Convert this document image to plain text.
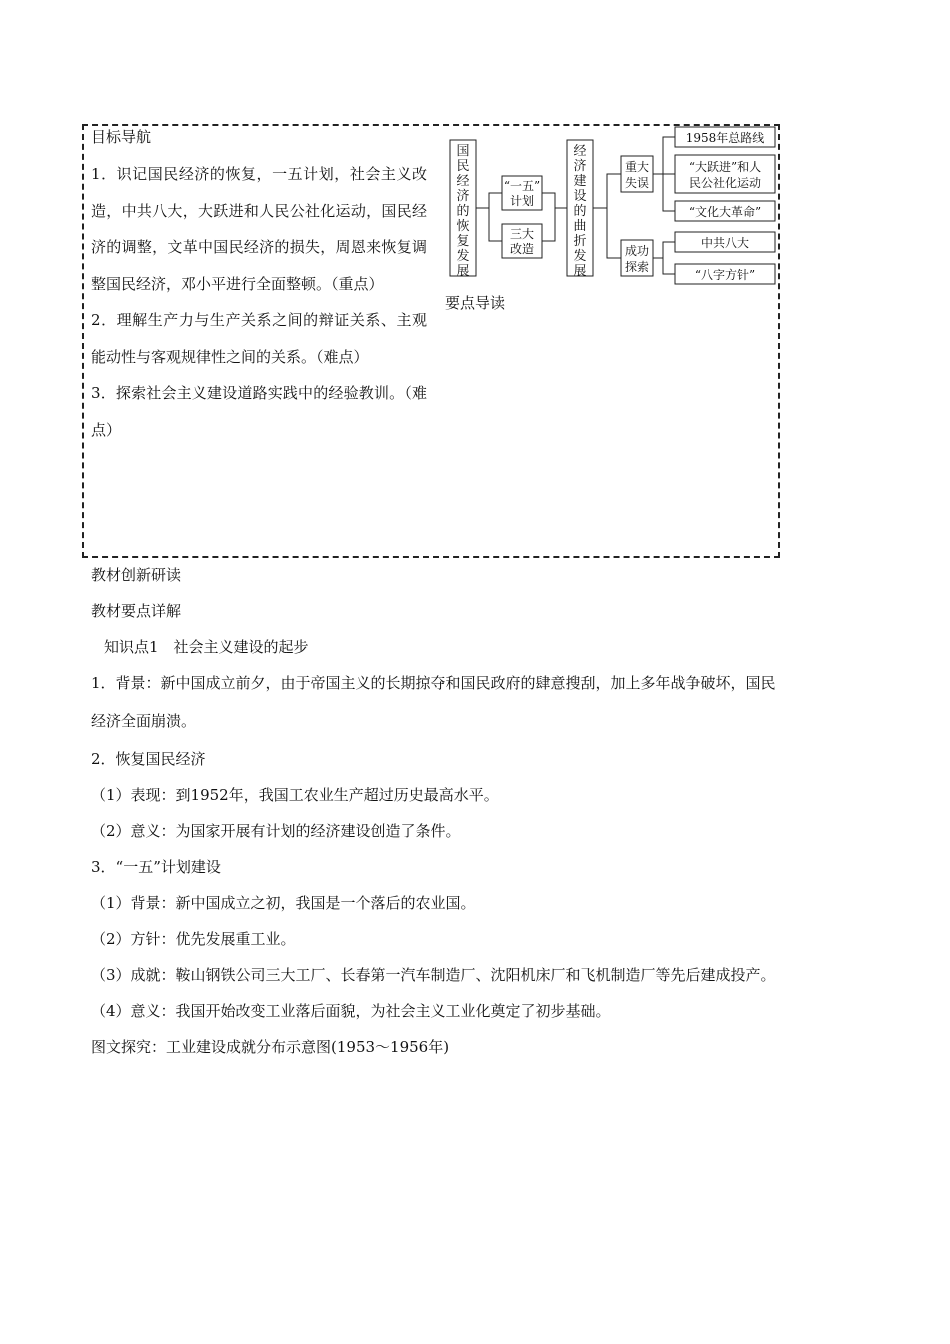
目标导航

1．识记国民经济的恢复，一五计划，社会主义改造，中共八大，大跃进和人民公社化运动，国民经济的调整，文革中国民经济的损失，周恩来恢复调整国民经济，邓小平进行全面整顿。（重点）

2．理解生产力与生产关系之间的辩证关系、主观能动性与客观规律性之间的关系。（难点）

3．探索社会主义建设道路实践中的经验教训。（难点）

国民经济的恢复发展
经济建设的曲折发展
“一五”
计划
三大
改造
重大
失误
成功
探索
1958年总路线
“大跃进”和人
民公社化运动
“文化大革命”
中共八大
“八字方针”
要点导读
教材创新研读
教材要点详解
知识点1　社会主义建设的起步
1．背景：新中国成立前夕，由于帝国主义的长期掠夺和国民政府的肆意搜刮，加上多年战争破坏，国民
经济全面崩溃。
2．恢复国民经济
（1）表现：到1952年，我国工农业生产超过历史最高水平。
（2）意义：为国家开展有计划的经济建设创造了条件。
3．“一五”计划建设
（1）背景：新中国成立之初，我国是一个落后的农业国。
（2）方针：优先发展重工业。
（3）成就：鞍山钢铁公司三大工厂、长春第一汽车制造厂、沈阳机床厂和飞机制造厂等先后建成投产。
（4）意义：我国开始改变工业落后面貌，为社会主义工业化奠定了初步基础。
图文探究：工业建设成就分布示意图(1953～1956年)
